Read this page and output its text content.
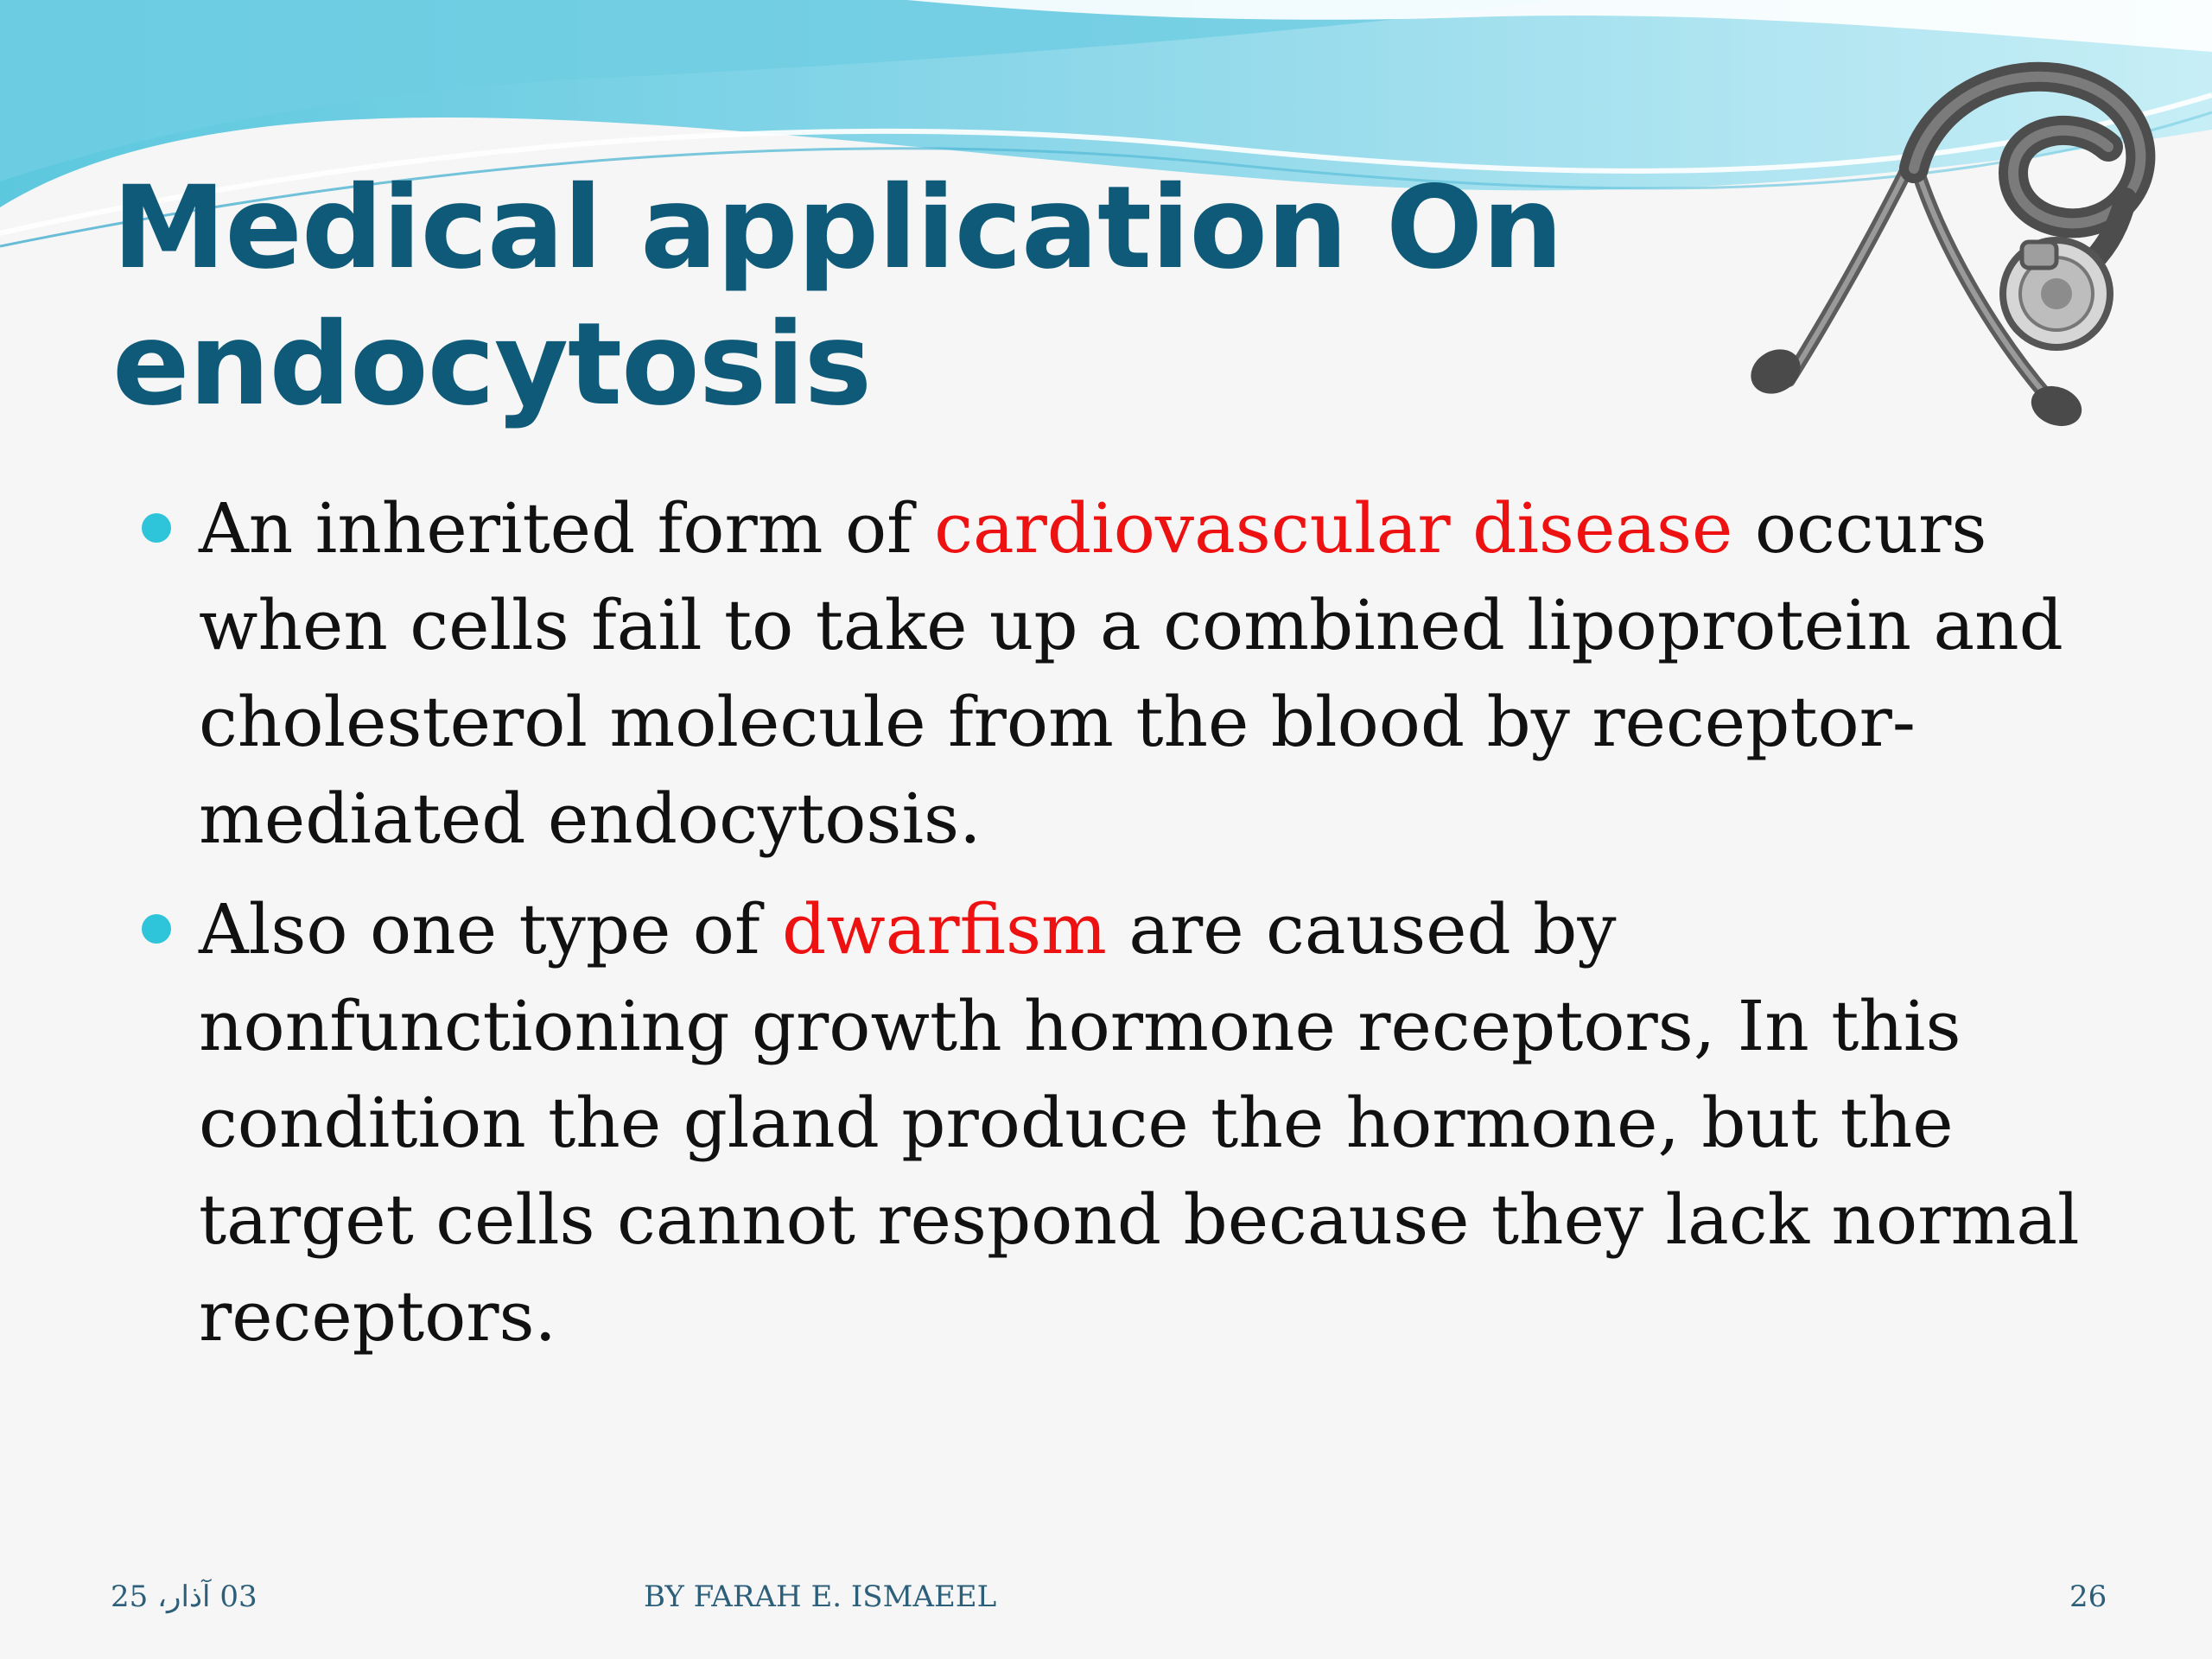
Medical application On
endocytosis
An inherited form of cardiovascular disease occurs when cells fail to take up a combined lipoprotein and cholesterol molecule from the blood by receptor-mediated endocytosis.
Also one type of dwarfism are caused by nonfunctioning growth hormone receptors, In this condition the gland produce the hormone, but the target cells cannot respond because they lack normal receptors.
03 آذار، 25	BY FARAH E. ISMAEEL	26
